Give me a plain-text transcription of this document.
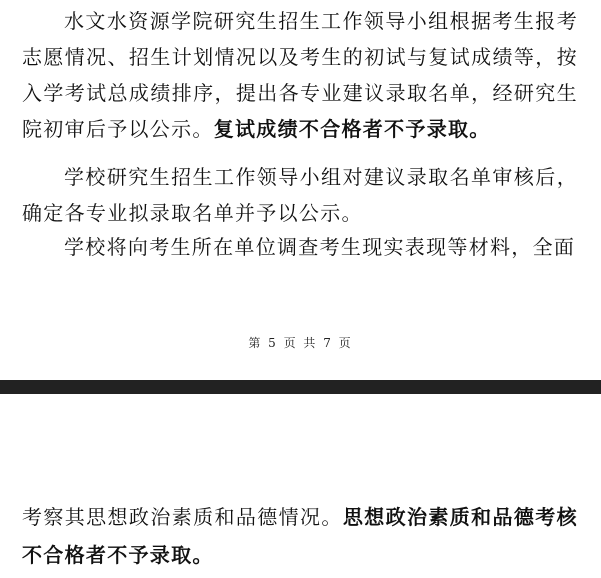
水文水资源学院研究生招生工作领导小组根据考生报考志愿情况、招生计划情况以及考生的初试与复试成绩等，按入学考试总成绩排序，提出各专业建议录取名单，经研究生院初审后予以公示。复试成绩不合格者不予录取。

学校研究生招生工作领导小组对建议录取名单审核后，确定各专业拟录取名单并予以公示。

学校将向考生所在单位调查考生现实表现等材料，全面

第 5 页 共 7 页

考察其思想政治素质和品德情况。思想政治素质和品德考核不合格者不予录取。
